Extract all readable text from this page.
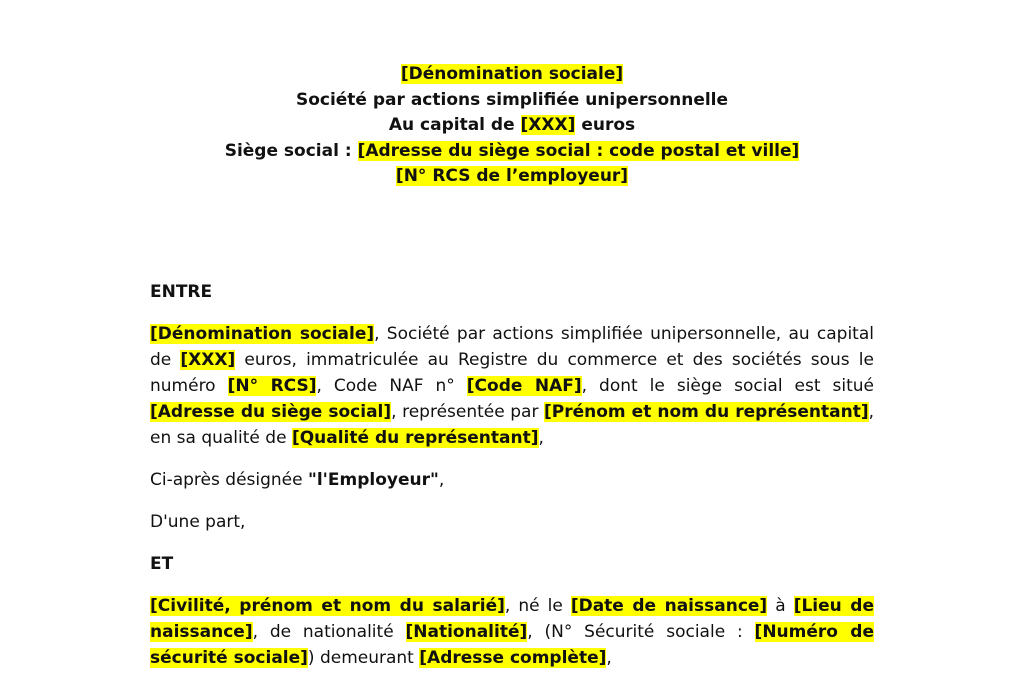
[Dénomination sociale]
Société par actions simplifiée unipersonnelle
Au capital de [XXX] euros
Siège social : [Adresse du siège social : code postal et ville]
[N° RCS de l’employeur]

ENTRE

[Dénomination sociale], Société par actions simplifiée unipersonnelle, au capital de [XXX] euros, immatriculée au Registre du commerce et des sociétés sous le numéro [N° RCS], Code NAF n° [Code NAF], dont le siège social est situé [Adresse du siège social], représentée par [Prénom et nom du représentant], en sa qualité de [Qualité du représentant],

Ci-après désignée "l'Employeur",

D'une part,

ET

[Civilité, prénom et nom du salarié], né le [Date de naissance] à [Lieu de naissance], de nationalité [Nationalité], (N° Sécurité sociale : [Numéro de sécurité sociale]) demeurant [Adresse complète],
